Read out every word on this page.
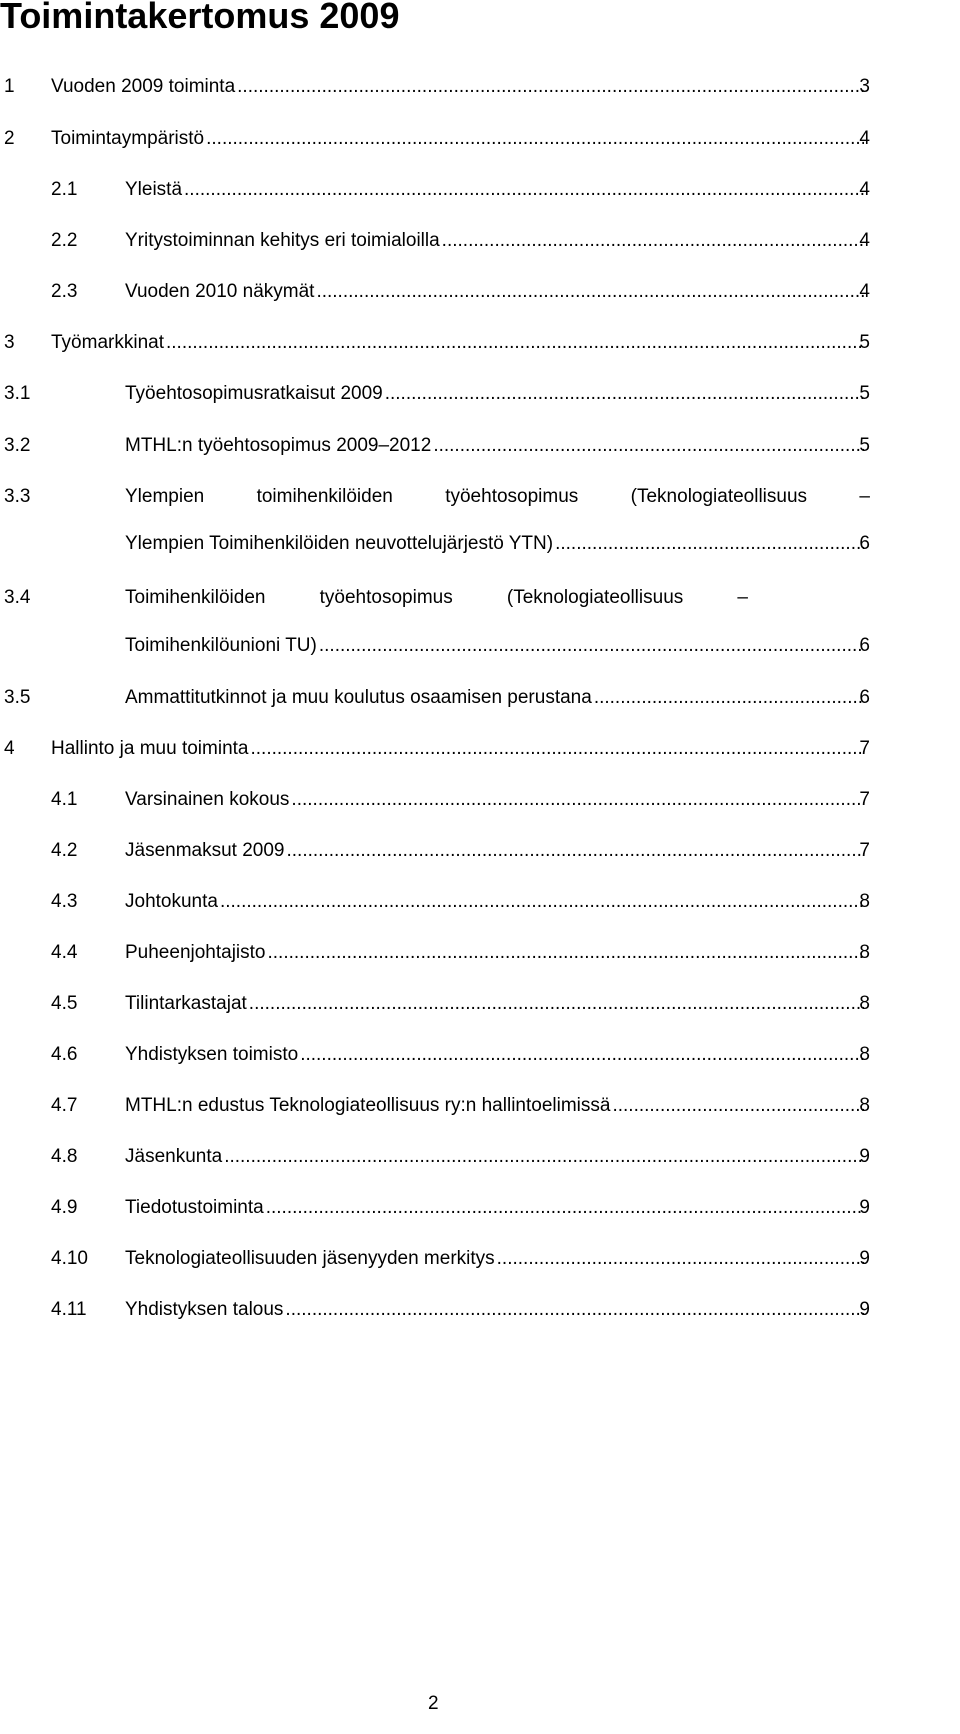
Toimintakertomus 2009
1 Vuoden 2009 toiminta .....	3
2 Toimintaympäristö .....	4
2.1	Yleistä .....	4
2.2	Yritystoiminnan kehitys eri toimialoilla .....	4
2.3	Vuoden 2010 näkymät .....	4
3 Työmarkkinat .....	5
3.1	Työehtosopimusratkaisut 2009 .....	5
3.2	MTHL:n työehtosopimus 2009–2012 .....	5
3.3	Ylempien toimihenkilöiden työehtosopimus (Teknologiateollisuus –
Ylempien Toimihenkilöiden neuvottelujärjestö YTN) .....	6
3.4	Toimihenkilöiden työehtosopimus (Teknologiateollisuus –
Toimihenkilöunioni TU) .....	6
3.5	Ammattitutkinnot ja muu koulutus osaamisen perustana .....	6
4 Hallinto ja muu toiminta .....	7
4.1	Varsinainen kokous .....	7
4.2	Jäsenmaksut 2009 .....	7
4.3	Johtokunta .....	8
4.4	Puheenjohtajisto .....	8
4.5	Tilintarkastajat .....	8
4.6	Yhdistyksen toimisto .....	8
4.7	MTHL:n edustus Teknologiateollisuus ry:n hallintoelimissä .....	8
4.8	Jäsenkunta .....	9
4.9	Tiedotustoiminta .....	9
4.10 Teknologiateollisuuden jäsenyyden merkitys .....	9
4.11 Yhdistyksen talous .....	9
2
